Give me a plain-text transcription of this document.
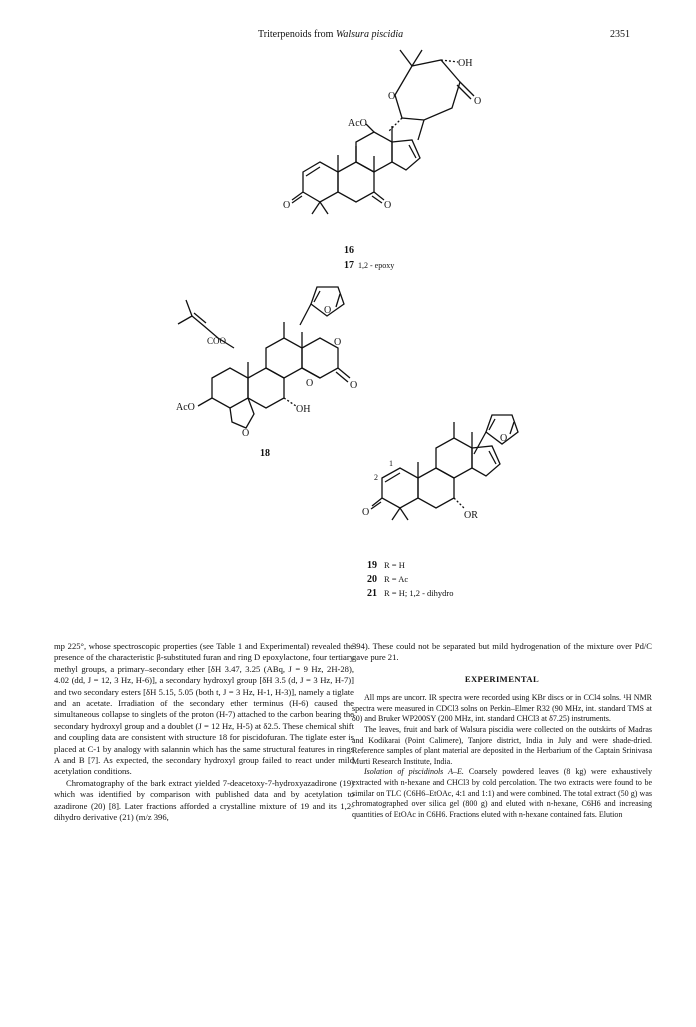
Triterpenoids from Walsura piscidia	2351
OH
O	O
AcO
O	O
16
17 1,2 - epoxy
O
COO	O
O
O
AcO	OH
O
18
O
1
2
O	OR
19 R = H
20 R = Ac
21 R = H; 1,2 - dihydro

mp 225°, whose spectroscopic properties (see Table 1 and Experimental) revealed the presence of the characteristic β-substituted furan and ring D epoxylactone, four tertiary methyl groups, a primary–secondary ether [δH 3.47, 3.25 (ABq, J = 9 Hz, 2H-28), 4.02 (dd, J = 12, 3 Hz, H-6)], a secondary hydroxyl group [δH 3.5 (d, J = 3 Hz, H-7)] and two secondary esters [δH 5.15, 5.05 (both t, J = 3 Hz, H-1, H-3)], namely a tiglate and an acetate. Irradiation of the secondary ether terminus (H-6) caused the simultaneous collapse to singlets of the proton (H-7) attached to the carbon bearing the secondary hydroxyl group and a doublet (J = 12 Hz, H-5) at δ2.5. These chemical shift and coupling data are consistent with structure 18 for piscidofuran. The tiglate ester is placed at C-1 by analogy with salannin which has the same structural features in rings A and B [7]. As expected, the secondary hydroxyl group failed to react under mild acetylation conditions.

Chromatography of the bark extract yielded 7-deacetoxy-7-hydroxyazadirone (19) which was identified by comparison with published data and by acetylation to azadirone (20) [8]. Later fractions afforded a crystalline mixture of 19 and its 1,2-dihydro derivative (21) (m/z 396,

394). These could not be separated but mild hydrogenation of the mixture over Pd/C gave pure 21.

EXPERIMENTAL

All mps are uncorr. IR spectra were recorded using KBr discs or in CCl4 solns. ¹H NMR spectra were measured in CDCl3 solns on Perkin–Elmer R32 (90 MHz, int. standard TMS at δ0) and Bruker WP200SY (200 MHz, int. standard CHCl3 at δ7.25) instruments.

The leaves, fruit and bark of Walsura piscidia were collected on the outskirts of Madras and Kodikarai (Point Calimere), Tanjore district, India in July and were shade-dried. Reference samples of plant material are deposited in the Herbarium of the Captain Srinivasa Murti Research Institute, India.

Isolation of piscidinols A–E. Coarsely powdered leaves (8 kg) were exhaustively extracted with n-hexane and CHCl3 by cold percolation. The two extracts were found to be similar on TLC (C6H6–EtOAc, 4:1 and 1:1) and were combined. The total extract (50 g) was chromatographed over silica gel (800 g) and eluted with n-hexane, C6H6 and increasing quantities of EtOAc in C6H6. Fractions eluted with n-hexane contained fats. Elution
